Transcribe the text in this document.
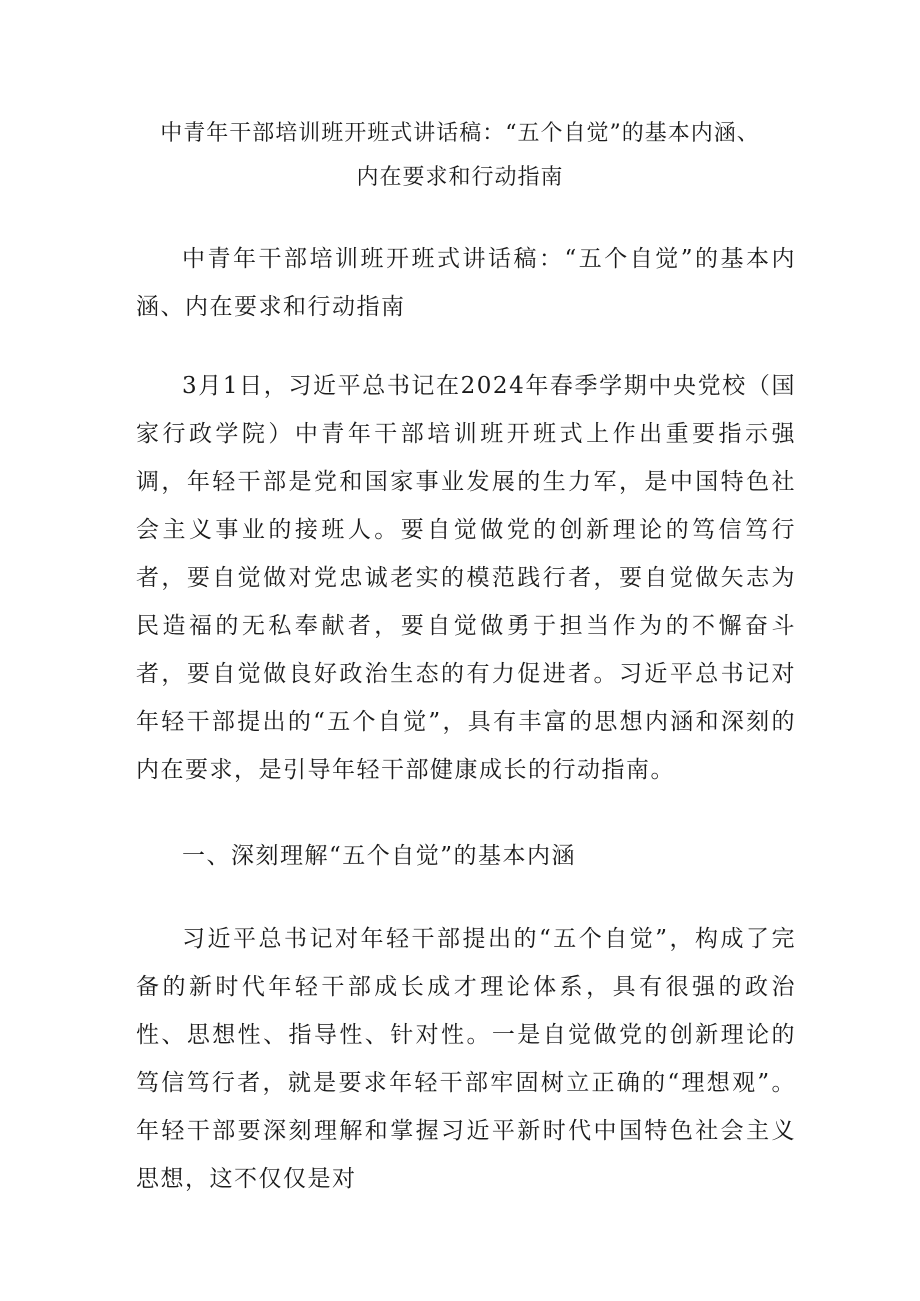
中青年干部培训班开班式讲话稿：“五个自觉”的基本内涵、
内在要求和行动指南

中青年干部培训班开班式讲话稿：“五个自觉”的基本内涵、内在要求和行动指南

3月1日，习近平总书记在2024年春季学期中央党校（国家行政学院）中青年干部培训班开班式上作出重要指示强调，年轻干部是党和国家事业发展的生力军，是中国特色社会主义事业的接班人。要自觉做党的创新理论的笃信笃行者，要自觉做对党忠诚老实的模范践行者，要自觉做矢志为民造福的无私奉献者，要自觉做勇于担当作为的不懈奋斗者，要自觉做良好政治生态的有力促进者。习近平总书记对年轻干部提出的“五个自觉”，具有丰富的思想内涵和深刻的内在要求，是引导年轻干部健康成长的行动指南。

一、深刻理解“五个自觉”的基本内涵

习近平总书记对年轻干部提出的“五个自觉”，构成了完备的新时代年轻干部成长成才理论体系，具有很强的政治性、思想性、指导性、针对性。一是自觉做党的创新理论的笃信笃行者，就是要求年轻干部牢固树立正确的“理想观”。年轻干部要深刻理解和掌握习近平新时代中国特色社会主义思想，这不仅仅是对
